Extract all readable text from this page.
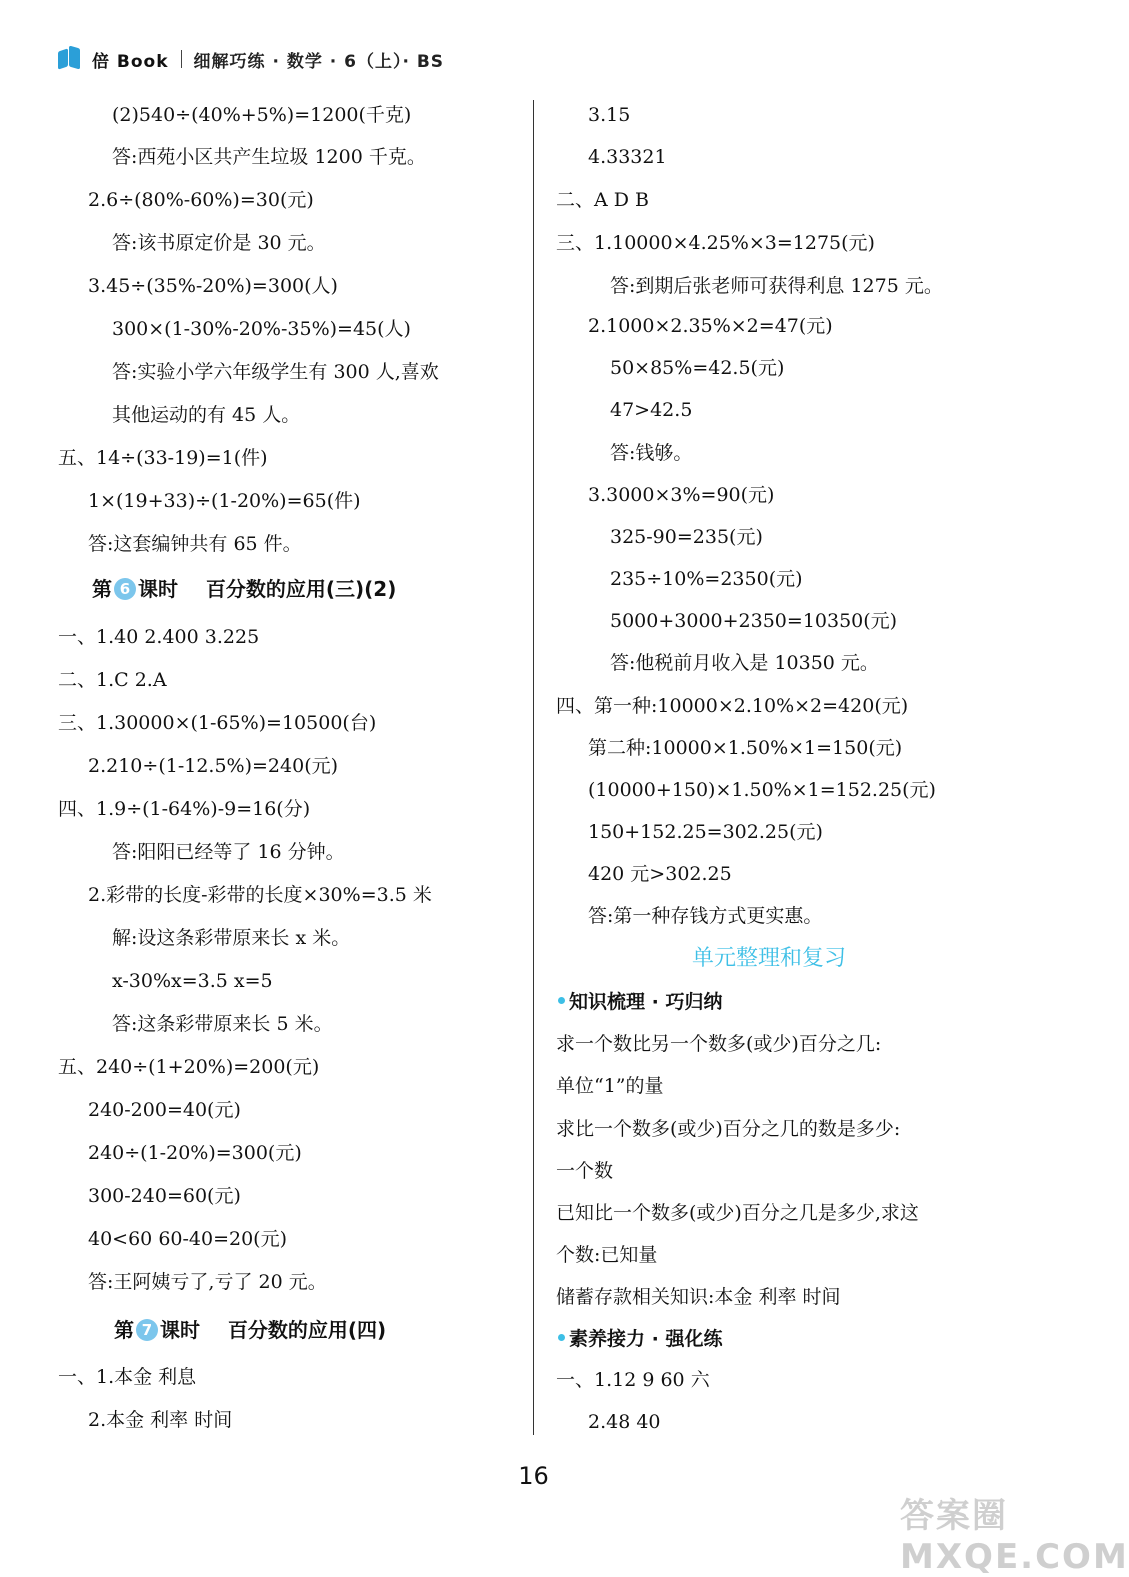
倍 Book 细解巧练 · 数学 · 6（上）· BS
(2)540÷(40%+5%)=1200(千克)
答:西苑小区共产生垃圾 1200 千克。
2.6÷(80%-60%)=30(元)
答:该书原定价是 30 元。
3.45÷(35%-20%)=300(人)
300×(1-30%-20%-35%)=45(人)
答:实验小学六年级学生有 300 人,喜欢
其他运动的有 45 人。
五、14÷(33-19)=1(件)
1×(19+33)÷(1-20%)=65(件)
答:这套编钟共有 65 件。
第 6 课时 百分数的应用(三)(2)
一、1.40 2.400 3.225
二、1.C 2.A
三、1.30000×(1-65%)=10500(台)
2.210÷(1-12.5%)=240(元)
四、1.9÷(1-64%)-9=16(分)
答:阳阳已经等了 16 分钟。
2.彩带的长度-彩带的长度×30%=3.5 米
解:设这条彩带原来长 x 米。
x-30%x=3.5 x=5
答:这条彩带原来长 5 米。
五、240÷(1+20%)=200(元)
240-200=40(元)
240÷(1-20%)=300(元)
300-240=60(元)
40<60 60-40=20(元)
答:王阿姨亏了,亏了 20 元。
第 7 课时 百分数的应用(四)
一、1.本金 利息
2.本金 利率 时间
3.15
4.33321
二、A D B
三、1.10000×4.25%×3=1275(元)
答:到期后张老师可获得利息 1275 元。
2.1000×2.35%×2=47(元)
50×85%=42.5(元)
47>42.5
答:钱够。
3.3000×3%=90(元)
325-90=235(元)
235÷10%=2350(元)
5000+3000+2350=10350(元)
答:他税前月收入是 10350 元。
四、第一种:10000×2.10%×2=420(元)
第二种:10000×1.50%×1=150(元)
(10000+150)×1.50%×1=152.25(元)
150+152.25=302.25(元)
420 元>302.25
答:第一种存钱方式更实惠。
单元整理和复习
知识梳理 · 巧归纳
求一个数比另一个数多(或少)百分之几:
单位“1”的量
求比一个数多(或少)百分之几的数是多少:
一个数
已知比一个数多(或少)百分之几是多少,求这
个数:已知量
储蓄存款相关知识:本金 利率 时间
素养接力 · 强化练
一、1.12 9 60 六
2.48 40
16
答案圈 MXQE.COM
